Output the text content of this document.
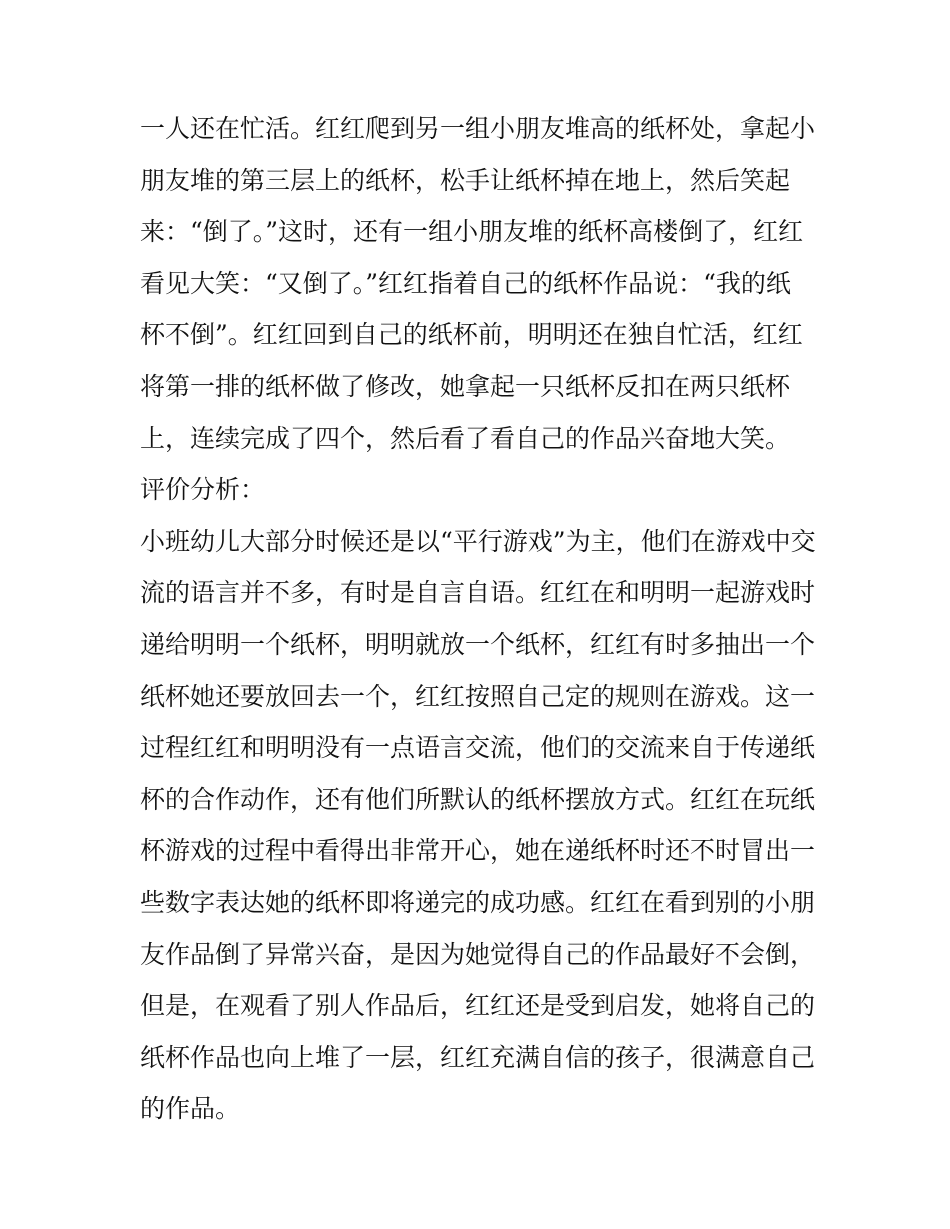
一人还在忙活。红红爬到另一组小朋友堆高的纸杯处，拿起小
朋友堆的第三层上的纸杯，松手让纸杯掉在地上，然后笑起
来：“倒了。”这时，还有一组小朋友堆的纸杯高楼倒了，红红
看见大笑：“又倒了。”红红指着自己的纸杯作品说：“我的纸
杯不倒”。红红回到自己的纸杯前，明明还在独自忙活，红红
将第一排的纸杯做了修改，她拿起一只纸杯反扣在两只纸杯
上，连续完成了四个，然后看了看自己的作品兴奋地大笑。
评价分析：
小班幼儿大部分时候还是以“平行游戏”为主，他们在游戏中交
流的语言并不多，有时是自言自语。红红在和明明一起游戏时
递给明明一个纸杯，明明就放一个纸杯，红红有时多抽出一个
纸杯她还要放回去一个，红红按照自己定的规则在游戏。这一
过程红红和明明没有一点语言交流，他们的交流来自于传递纸
杯的合作动作，还有他们所默认的纸杯摆放方式。红红在玩纸
杯游戏的过程中看得出非常开心，她在递纸杯时还不时冒出一
些数字表达她的纸杯即将递完的成功感。红红在看到别的小朋
友作品倒了异常兴奋，是因为她觉得自己的作品最好不会倒，
但是，在观看了别人作品后，红红还是受到启发，她将自己的
纸杯作品也向上堆了一层，红红充满自信的孩子，很满意自己
的作品。
